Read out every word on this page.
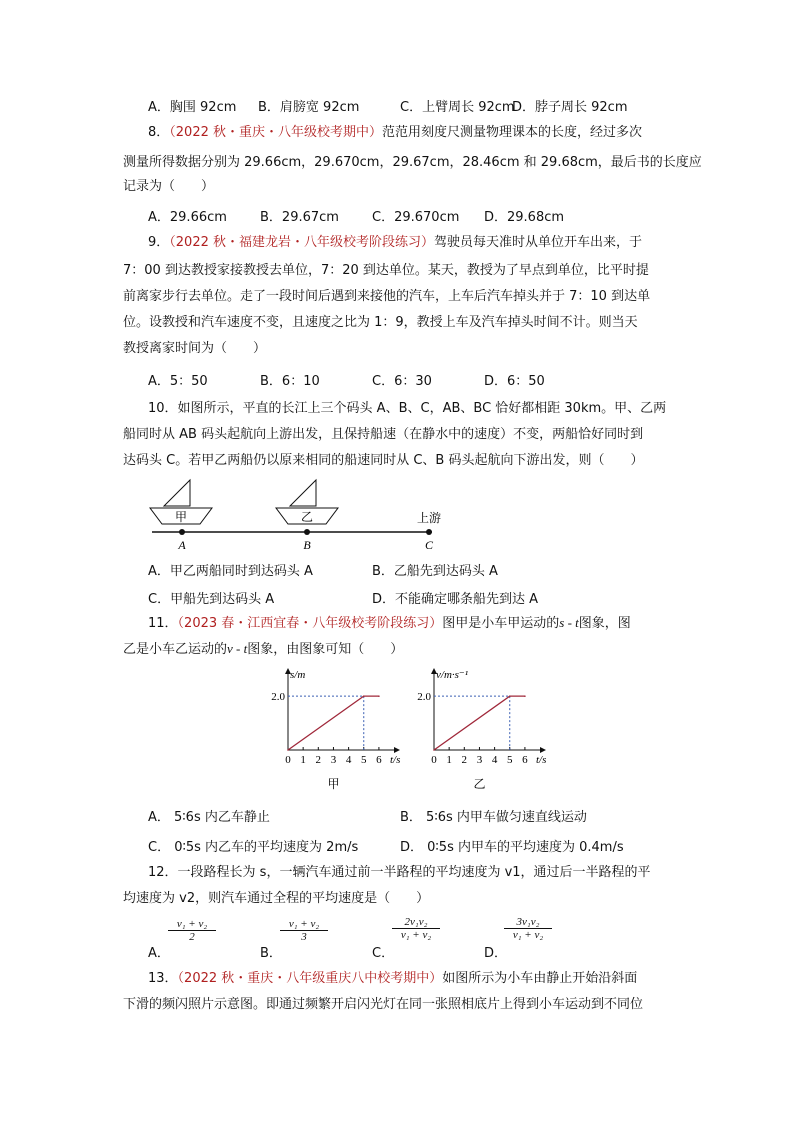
A．胸围 92cm B．肩膀宽 92cm	C．上臂周长 92cm
D．脖子周长 92cm
8．（2022 秋・重庆・八年级校考期中）范范用刻度尺测量物理课本的长度，经过多次
测量所得数据分别为 29.66cm，29.670cm，29.67cm，28.46cm 和 29.68cm，最后书的长度应
记录为（　　）
A．29.66cm	B．29.67cm	C．29.670cm D．29.68cm
9．（2022 秋・福建龙岩・八年级校考阶段练习）驾驶员每天准时从单位开车出来，于
7：00 到达教授家接教授去单位，7：20 到达单位。某天，教授为了早点到单位，比平时提
前离家步行去单位。走了一段时间后遇到来接他的汽车，上车后汽车掉头并于 7：10 到达单
位。设教授和汽车速度不变，且速度之比为 1：9，教授上车及汽车掉头时间不计。则当天
教授离家时间为（　　）
A．5：50	B．6：10	C．6：30	D．6：50
10．如图所示，平直的长江上三个码头 A、B、C，AB、BC 恰好都相距 30km。甲、乙两
船同时从 AB 码头起航向上游出发，且保持船速（在静水中的速度）不变，两船恰好同时到
达码头 C。若甲乙两船仍以原来相同的船速同时从 C、B 码头起航向下游出发，则（　　）
甲	乙
A	B	C
上游
A．甲乙两船同时到达码头 A	B．乙船先到达码头 A
C．甲船先到达码头 A	D．不能确定哪条船先到达 A
11．（2023 春・江西宜春・八年级校考阶段练习）图甲是小车甲运动的s - t图象，图
乙是小车乙运动的v - t图象，由图象可知（　　）
0 1 2 3 4 5 6 t/s
s/m
2.0
甲
0 1 2 3 4 5 6 t/s
v/m·s⁻¹
2.0
乙
A． 5∶6s 内乙车静止	B． 5∶6s 内甲车做匀速直线运动
C． 0∶5s 内乙车的平均速度为 2m/s	D． 0∶5s 内甲车的平均速度为 0.4m/s
12．一段路程长为 s，一辆汽车通过前一半路程的平均速度为 v1，通过后一半路程的平
均速度为 v2，则汽车通过全程的平均速度是（　　）
A．
$\frac{\text{v₁ + v₂}}{2}$
B．
$\frac{\text{v₁ + v₂}}{3}$
C．
$\frac{\text{2v₁v₂}}{\text{v₁ + v₂}}$
D．
$\frac{\text{3v₁v₂}}{\text{v₁ + v₂}}$
13．（2022 秋・重庆・八年级重庆八中校考期中）如图所示为小车由静止开始沿斜面
下滑的频闪照片示意图。即通过频繁开启闪光灯在同一张照相底片上得到小车运动到不同位
